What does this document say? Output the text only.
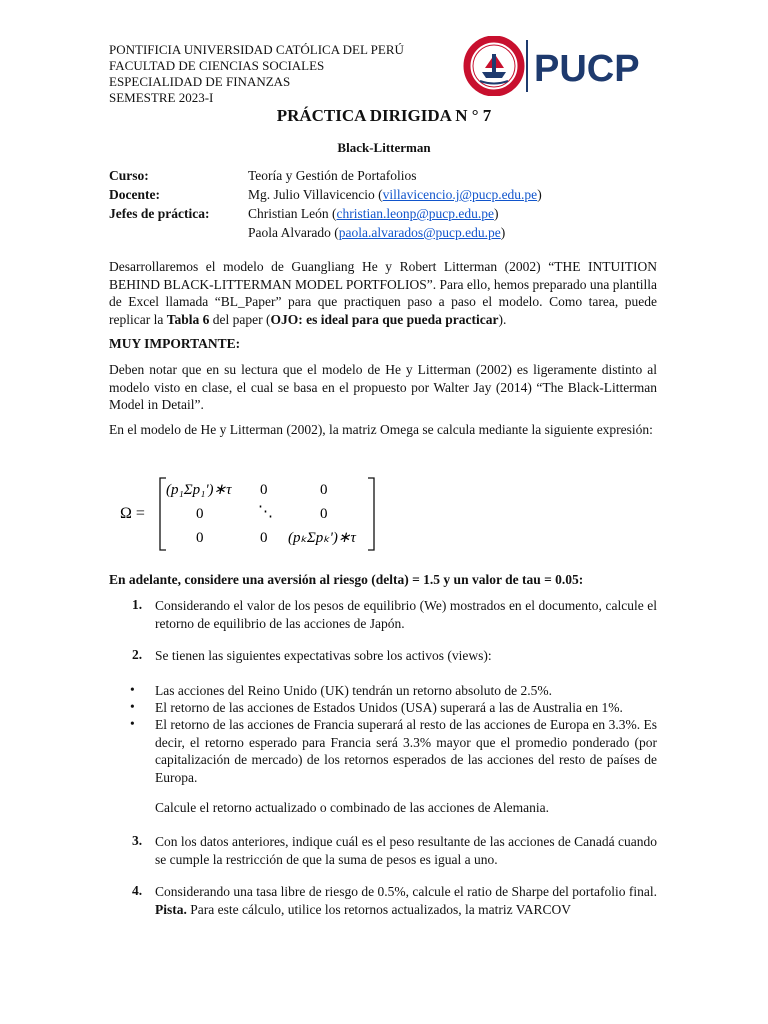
PONTIFICIA UNIVERSIDAD CATÓLICA DEL PERÚ
FACULTAD DE CIENCIAS SOCIALES
ESPECIALIDAD DE FINANZAS
SEMESTRE 2023-I
PUCP
PRÁCTICA DIRIGIDA N ° 7
Black-Litterman
Curso:	Teoría y Gestión de Portafolios
Docente:	Mg. Julio Villavicencio (villavicencio.j@pucp.edu.pe)
Jefes de práctica:	Christian León (christian.leonp@pucp.edu.pe)
Paola Alvarado (paola.alvarados@pucp.edu.pe)
Desarrollaremos el modelo de Guangliang He y Robert Litterman (2002) “THE INTUITION BEHIND BLACK-LITTERMAN MODEL PORTFOLIOS”. Para ello, hemos preparado una plantilla de Excel llamada “BL_Paper” para que practiquen paso a paso el modelo. Como tarea, puede replicar la Tabla 6 del paper (OJO: es ideal para que pueda practicar).
MUY IMPORTANTE:
Deben notar que en su lectura que el modelo de He y Litterman (2002) es ligeramente distinto al modelo visto en clase, el cual se basa en el propuesto por Walter Jay (2014) “The Black-Litterman Model in Detail”.
En el modelo de He y Litterman (2002), la matriz Omega se calcula mediante la siguiente expresión:
Ω =
(p₁Σp₁')∗τ 0	0
0	⋱	0
0	0 (pₖΣpₖ')∗τ
En adelante, considere una aversión al riesgo (delta) = 1.5 y un valor de tau = 0.05:
1. Considerando el valor de los pesos de equilibrio (We) mostrados en el documento, calcule el retorno de equilibrio de las acciones de Japón.
2. Se tienen las siguientes expectativas sobre los activos (views):
• Las acciones del Reino Unido (UK) tendrán un retorno absoluto de 2.5%.
• El retorno de las acciones de Estados Unidos (USA) superará a las de Australia en 1%.
• El retorno de las acciones de Francia superará al resto de las acciones de Europa en 3.3%. Es decir, el retorno esperado para Francia será 3.3% mayor que el promedio ponderado (por capitalización de mercado) de los retornos esperados de las acciones del resto de países de Europa.
Calcule el retorno actualizado o combinado de las acciones de Alemania.
3. Con los datos anteriores, indique cuál es el peso resultante de las acciones de Canadá cuando se cumple la restricción de que la suma de pesos es igual a uno.
4. Considerando una tasa libre de riesgo de 0.5%, calcule el ratio de Sharpe del portafolio final. Pista. Para este cálculo, utilice los retornos actualizados, la matriz VARCOV
